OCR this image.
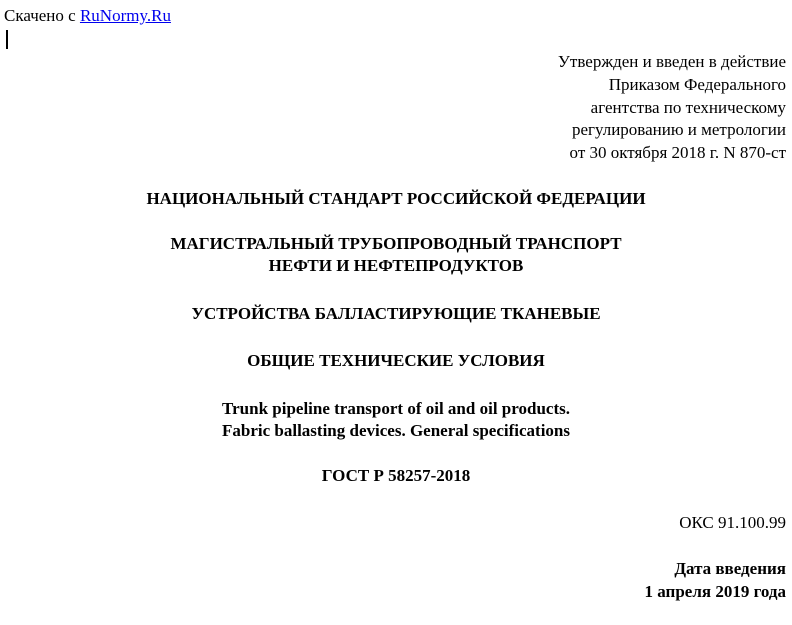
Скачено с RuNormy.Ru
Утвержден и введен в действие
Приказом Федерального
агентства по техническому
регулированию и метрологии
от 30 октября 2018 г. N 870-ст
НАЦИОНАЛЬНЫЙ СТАНДАРТ РОССИЙСКОЙ ФЕДЕРАЦИИ
МАГИСТРАЛЬНЫЙ ТРУБОПРОВОДНЫЙ ТРАНСПОРТ
НЕФТИ И НЕФТЕПРОДУКТОВ
УСТРОЙСТВА БАЛЛАСТИРУЮЩИЕ ТКАНЕВЫЕ
ОБЩИЕ ТЕХНИЧЕСКИЕ УСЛОВИЯ
Trunk pipeline transport of oil and oil products.
Fabric ballasting devices. General specifications
ГОСТ Р 58257-2018
ОКС 91.100.99
Дата введения
1 апреля 2019 года
